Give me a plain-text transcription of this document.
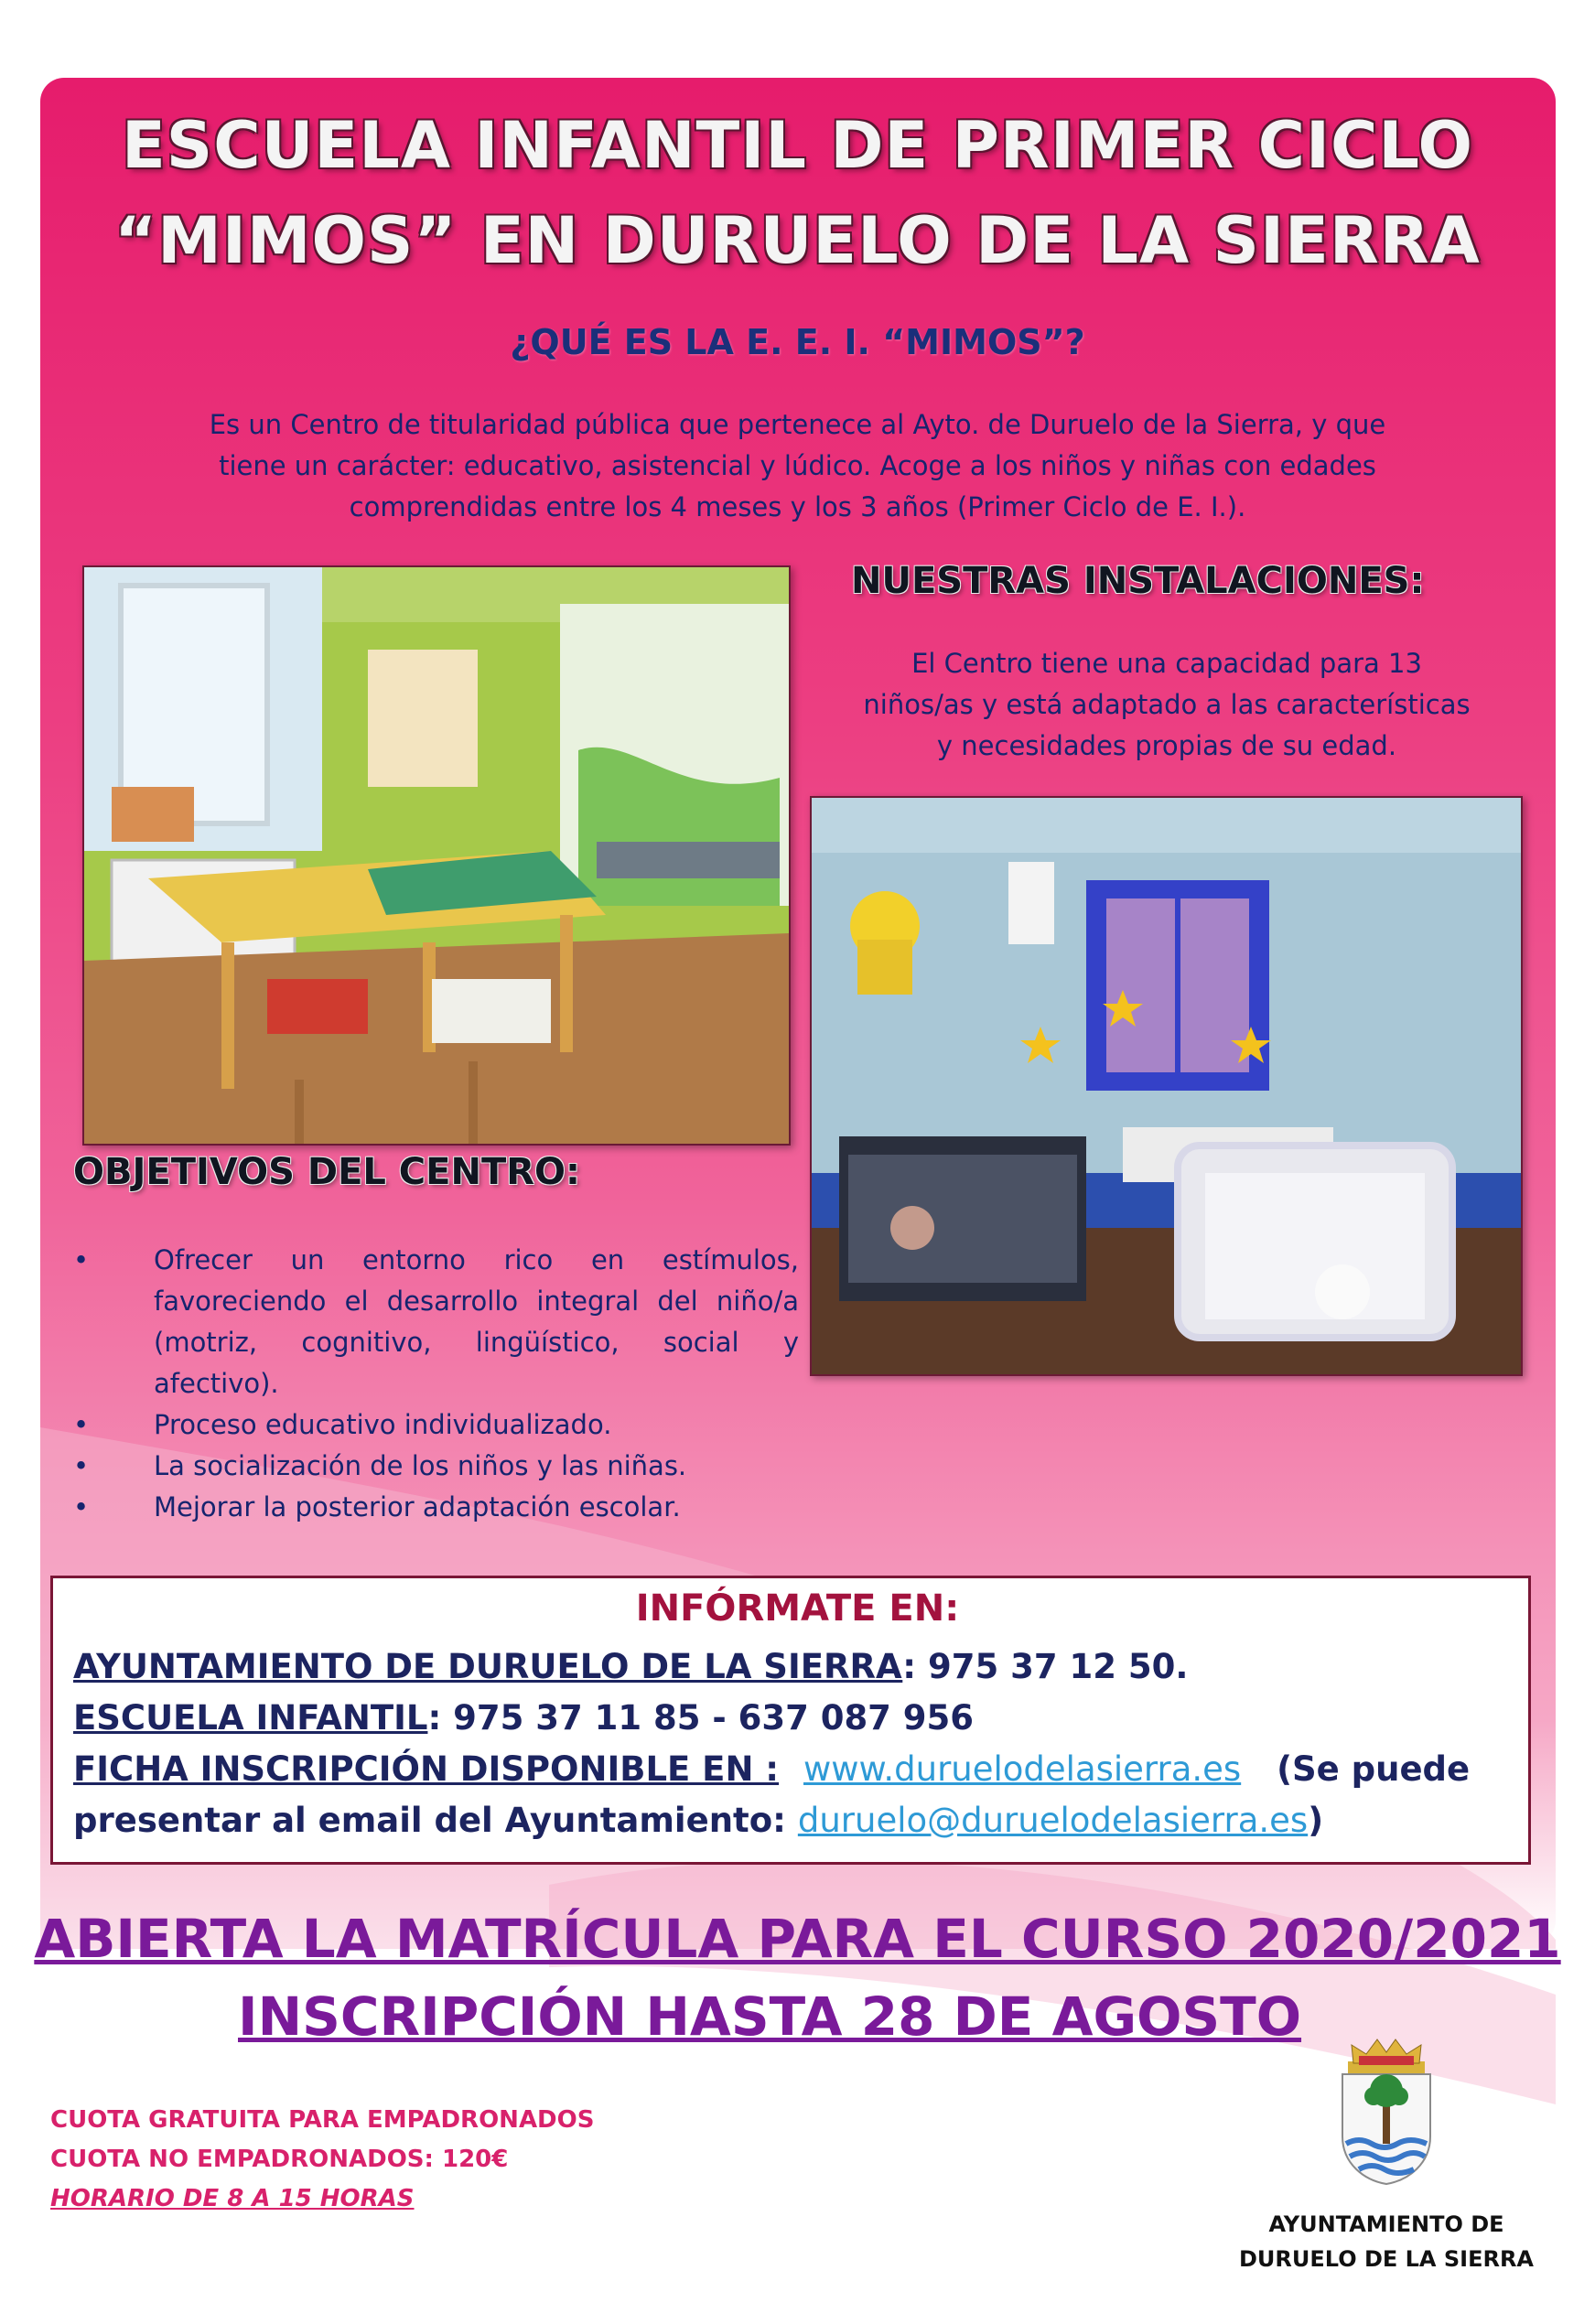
ESCUELA INFANTIL DE PRIMER CICLO
“MIMOS” EN DURUELO DE LA SIERRA
¿QUÉ ES LA E. E. I. “MIMOS”?
Es un Centro de titularidad pública que pertenece al Ayto. de Duruelo de la Sierra, y que
tiene un carácter: educativo, asistencial y lúdico. Acoge a los niños y niñas con edades
comprendidas entre los 4 meses y los 3 años (Primer Ciclo de E. I.).
NUESTRAS INSTALACIONES:
El Centro tiene una capacidad para 13
niños/as y está adaptado a las características
y necesidades propias de su edad.
OBJETIVOS DEL CENTRO:
•	Ofrecer un entorno rico en estímulos,
favoreciendo el desarrollo integral del niño/a
(motriz, cognitivo, lingüístico, social y
afectivo).
•	Proceso educativo individualizado.
•	La socialización de los niños y las niñas.
•	Mejorar la posterior adaptación escolar.
INFÓRMATE EN:
AYUNTAMIENTO DE DURUELO DE LA SIERRA: 975 37 12 50.
ESCUELA INFANTIL: 975 37 11 85 - 637 087 956
FICHA INSCRIPCIÓN DISPONIBLE EN : www.duruelodelasierra.es (Se puede
presentar al email del Ayuntamiento: duruelo@duruelodelasierra.es)
ABIERTA LA MATRÍCULA PARA EL CURSO 2020/2021
INSCRIPCIÓN HASTA 28 DE AGOSTO
CUOTA GRATUITA PARA EMPADRONADOS
CUOTA NO EMPADRONADOS: 120€
HORARIO DE 8 A 15 HORAS
AYUNTAMIENTO DE
DURUELO DE LA SIERRA
